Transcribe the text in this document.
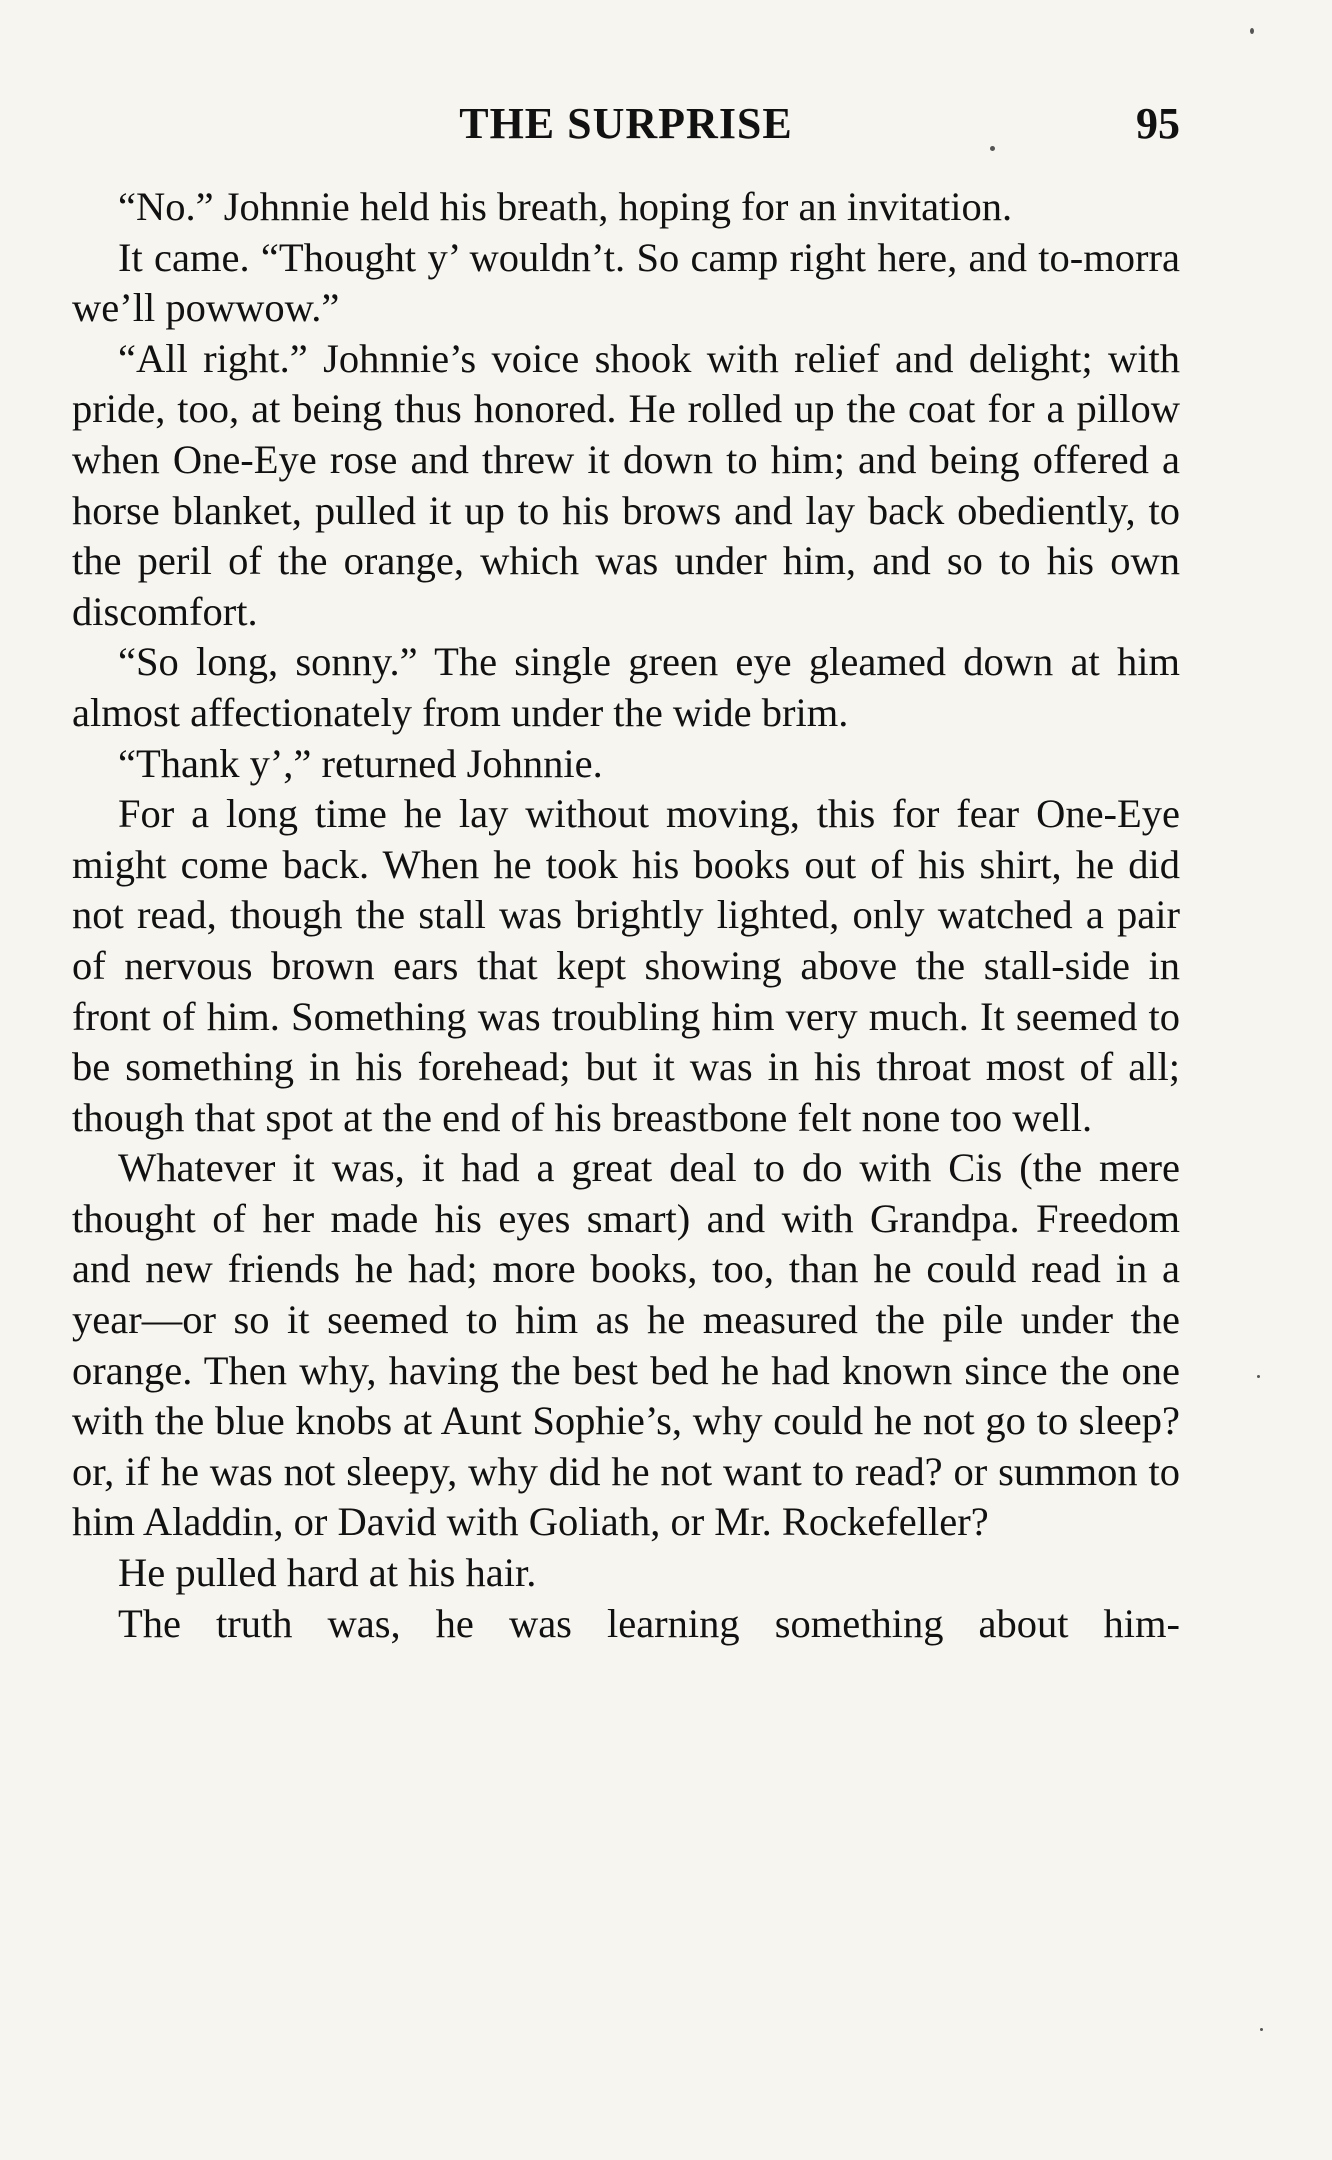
THE SURPRISE	95

“No.” Johnnie held his breath, hoping for an invitation.

It came. “Thought y’ wouldn’t. So camp right here, and to-morra we’ll powwow.”

“All right.” Johnnie’s voice shook with relief and delight; with pride, too, at being thus honored. He rolled up the coat for a pillow when One-Eye rose and threw it down to him; and being offered a horse blanket, pulled it up to his brows and lay back obediently, to the peril of the orange, which was under him, and so to his own discomfort.

“So long, sonny.” The single green eye gleamed down at him almost affectionately from under the wide brim.

“Thank y’,” returned Johnnie.

For a long time he lay without moving, this for fear One-Eye might come back. When he took his books out of his shirt, he did not read, though the stall was brightly lighted, only watched a pair of nervous brown ears that kept showing above the stall-side in front of him. Something was troubling him very much. It seemed to be something in his forehead; but it was in his throat most of all; though that spot at the end of his breastbone felt none too well.

Whatever it was, it had a great deal to do with Cis (the mere thought of her made his eyes smart) and with Grandpa. Freedom and new friends he had; more books, too, than he could read in a year—or so it seemed to him as he measured the pile under the orange. Then why, having the best bed he had known since the one with the blue knobs at Aunt Sophie’s, why could he not go to sleep? or, if he was not sleepy, why did he not want to read? or summon to him Aladdin, or David with Goliath, or Mr. Rockefeller?

He pulled hard at his hair.

The truth was, he was learning something about him-
